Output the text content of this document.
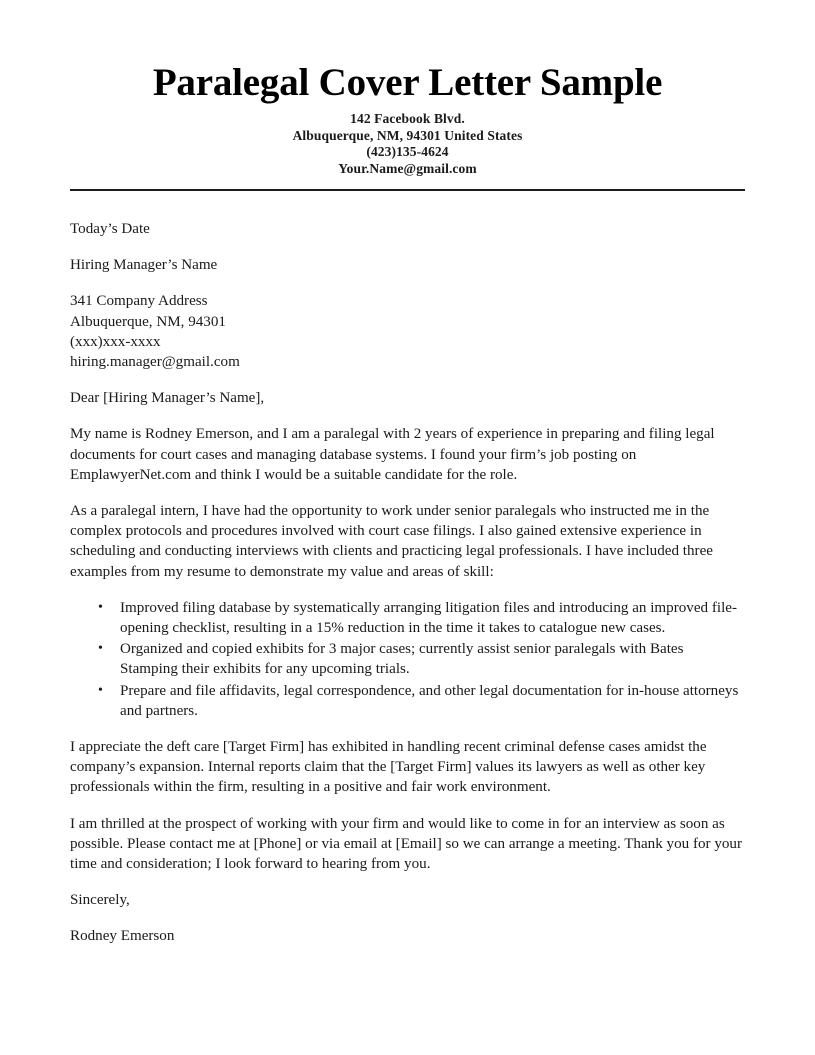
Paralegal Cover Letter Sample
142 Facebook Blvd.
Albuquerque, NM, 94301 United States
(423)135-4624
Your.Name@gmail.com
Today’s Date
Hiring Manager’s Name
341 Company Address
Albuquerque, NM, 94301
(xxx)xxx-xxxx
hiring.manager@gmail.com

Dear [Hiring Manager’s Name],

My name is Rodney Emerson, and I am a paralegal with 2 years of experience in preparing and filing legal documents for court cases and managing database systems. I found your firm’s job posting on EmplawyerNet.com and think I would be a suitable candidate for the role.

As a paralegal intern, I have had the opportunity to work under senior paralegals who instructed me in the complex protocols and procedures involved with court case filings. I also gained extensive experience in scheduling and conducting interviews with clients and practicing legal professionals. I have included three examples from my resume to demonstrate my value and areas of skill:

• Improved filing database by systematically arranging litigation files and introducing an improved file-opening checklist, resulting in a 15% reduction in the time it takes to catalogue new cases.
• Organized and copied exhibits for 3 major cases; currently assist senior paralegals with Bates Stamping their exhibits for any upcoming trials.
• Prepare and file affidavits, legal correspondence, and other legal documentation for in-house attorneys and partners.

I appreciate the deft care [Target Firm] has exhibited in handling recent criminal defense cases amidst the company’s expansion. Internal reports claim that the [Target Firm] values its lawyers as well as other key professionals within the firm, resulting in a positive and fair work environment.

I am thrilled at the prospect of working with your firm and would like to come in for an interview as soon as possible. Please contact me at [Phone] or via email at [Email] so we can arrange a meeting. Thank you for your time and consideration; I look forward to hearing from you.

Sincerely,

Rodney Emerson
